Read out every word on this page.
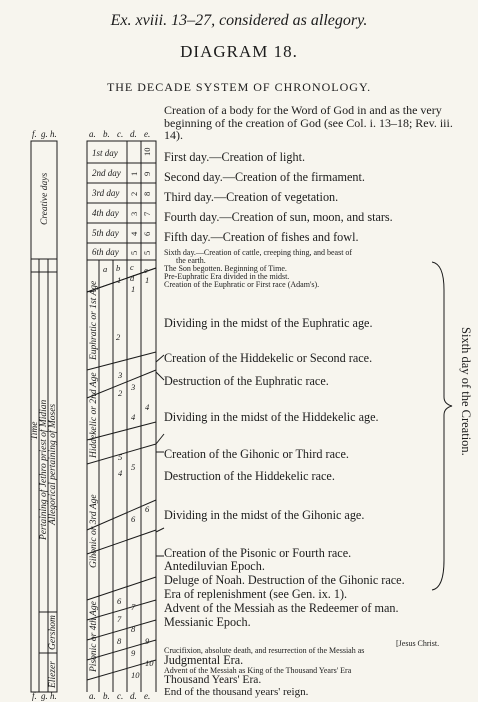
Ex. xviii. 13–27, considered as allegory.
DIAGRAM 18.
THE DECADE SYSTEM OF CHRONOLOGY.
f. g. h.	a. b. c. d. e.
f. g. h.	a. b. c. d. e.
1st day
2nd day
3rd day
4th day
5th day
6th day
10
9
8
7
6
5
1
2
3
4
5
Creative days
Time Pertaining of Jethro priest of Midian Allegorical pertaining of Moses
Gershom
Eliezer
Euphratic or 1st Age
Hiddekelic or 2nd Age
Gihonic or 3rd Age
Pisonic or 4th Age
a b c
1 d
1
e
1
2
2
3
3
4
4
4
5
5
6
6
6
7
7
8
8
9
9
10
10
Creation of a body for the Word of God in and as the very beginning of the creation of God (see Col. i. 13–18; Rev. iii. 14).
First day.—Creation of light.
Second day.—Creation of the firmament.
Third day.—Creation of vegetation.
Fourth day.—Creation of sun, moon, and stars.
Fifth day.—Creation of fishes and fowl.
Sixth day.—Creation of cattle, creeping thing, and beast of
the earth.
The Son begotten. Beginning of Time.
Pre-Euphratic Era divided in the midst.
Creation of the Euphratic or First race (Adam's).
Dividing in the midst of the Euphratic age.
Creation of the Hiddekelic or Second race.
Destruction of the Euphratic race.
Dividing in the midst of the Hiddekelic age.
Creation of the Gihonic or Third race.
Destruction of the Hiddekelic race.
Dividing in the midst of the Gihonic age.
Creation of the Pisonic or Fourth race.
Antediluvian Epoch.
Deluge of Noah. Destruction of the Gihonic race.
Era of replenishment (see Gen. ix. 1).
Advent of the Messiah as the Redeemer of man.
Messianic Epoch.
[Jesus Christ.
Crucifixion, absolute death, and resurrection of the Messiah as
Judgmental Era.
Advent of the Messiah as King of the Thousand Years' Era
Thousand Years' Era.
End of the thousand years' reign.
Sixth day of the Creation.
